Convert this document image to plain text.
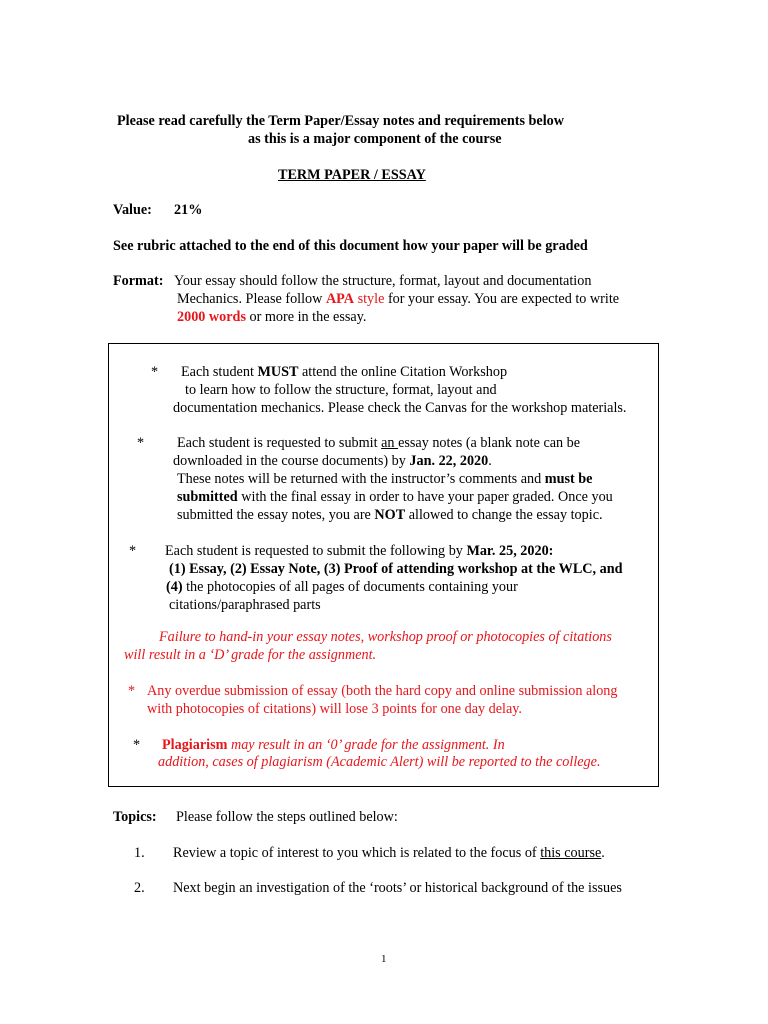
Please read carefully the Term Paper/Essay notes and requirements below

as this is a major component of the course

TERM PAPER / ESSAY

Value: 21%

See rubric attached to the end of this document how your paper will be graded

Format: Your essay should follow the structure, format, layout and documentation

Mechanics. Please follow APA style for your essay. You are expected to write

2000 words or more in the essay.

* Each student MUST attend the online Citation Workshop

to learn how to follow the structure, format, layout and

documentation mechanics. Please check the Canvas for the workshop materials.

* Each student is requested to submit an essay notes (a blank note can be

downloaded in the course documents) by Jan. 22, 2020.

These notes will be returned with the instructor’s comments and must be

submitted with the final essay in order to have your paper graded. Once you

submitted the essay notes, you are NOT allowed to change the essay topic.

* Each student is requested to submit the following by Mar. 25, 2020:

(1) Essay, (2) Essay Note, (3) Proof of attending workshop at the WLC, and

(4) the photocopies of all pages of documents containing your

citations/paraphrased parts

Failure to hand-in your essay notes, workshop proof or photocopies of citations

will result in a ‘D’ grade for the assignment.

* Any overdue submission of essay (both the hard copy and online submission along

with photocopies of citations) will lose 3 points for one day delay.

* Plagiarism may result in an ‘0’ grade for the assignment. In

addition, cases of plagiarism (Academic Alert) will be reported to the college.

Topics: Please follow the steps outlined below:

1. Review a topic of interest to you which is related to the focus of this course.

2. Next begin an investigation of the ‘roots’ or historical background of the issues

1
